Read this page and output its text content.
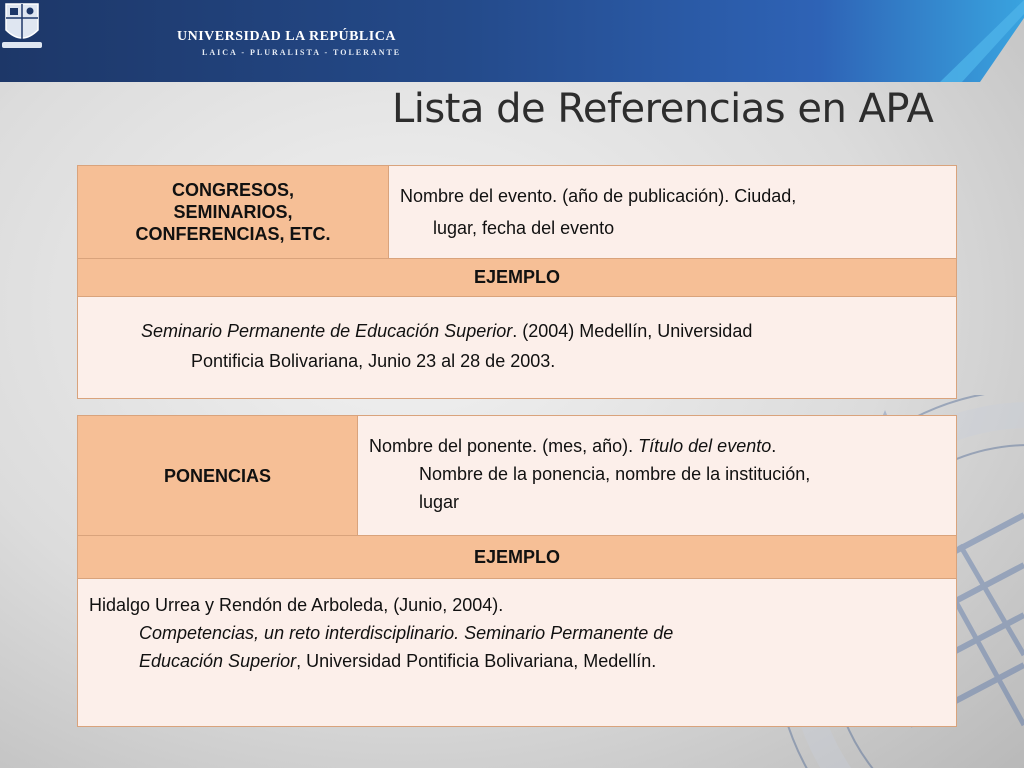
UNIVERSIDAD LA REPÚBLICA
LAICA - PLURALISTA - TOLERANTE
Lista de Referencias en APA
CONGRESOS, SEMINARIOS, CONFERENCIAS, ETC.	
Nombre del evento. (año de publicación). Ciudad,
lugar, fecha del evento

EJEMPLO

Seminario Permanente de Educación Superior. (2004) Medellín, Universidad
Pontificia Bolivariana, Junio 23 al 28 de 2003.
PONENCIAS	
Nombre del ponente. (mes, año). Título del evento.
Nombre de la ponencia, nombre de la institución,
lugar

EJEMPLO

Hidalgo Urrea y Rendón de Arboleda, (Junio, 2004).
Competencias, un reto interdisciplinario. Seminario Permanente de
Educación Superior, Universidad Pontificia Bolivariana, Medellín.
